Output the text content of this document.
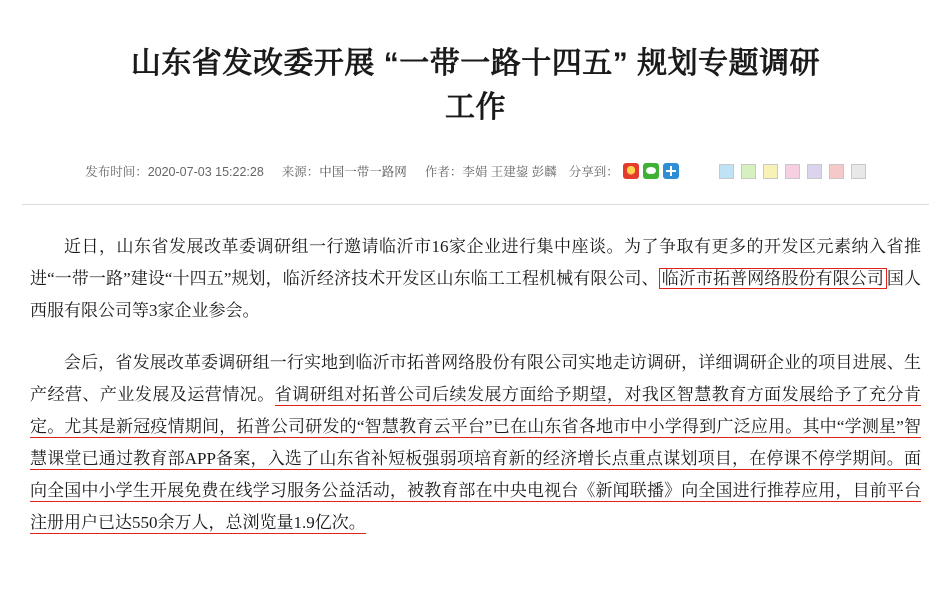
山东省发改委开展 “一带一路十四五” 规划专题调研工作
发布时间：2020-07-03 15:22:28 来源：中国一带一路网 作者：李娟 王建鋆 彭麟 分享到：

近日，山东省发展改革委调研组一行邀请临沂市16家企业进行集中座谈。为了争取有更多的开发区元素纳入省推进“一带一路”建设“十四五”规划，临沂经济技术开发区山东临工工程机械有限公司、 临沂市拓普网络股份有限公司 国人西服有限公司等3家企业参会。

会后，省发展改革委调研组一行实地到临沂市拓普网络股份有限公司实地走访调研，详细调研企业的项目进展、生产经营、产业发展及运营情况。省调研组对拓普公司后续发展方面给予期望，对我区智慧教育方面发展给予了充分肯定。尤其是新冠疫情期间，拓普公司研发的“智慧教育云平台”已在山东省各地市中小学得到广泛应用。其中“学测星”智慧课堂已通过教育部APP备案，入选了山东省补短板强弱项培育新的经济增长点重点谋划项目，在停课不停学期间。面向全国中小学生开展免费在线学习服务公益活动，被教育部在中央电视台《新闻联播》向全国进行推荐应用，目前平台注册用户已达550余万人，总浏览量1.9亿次。
